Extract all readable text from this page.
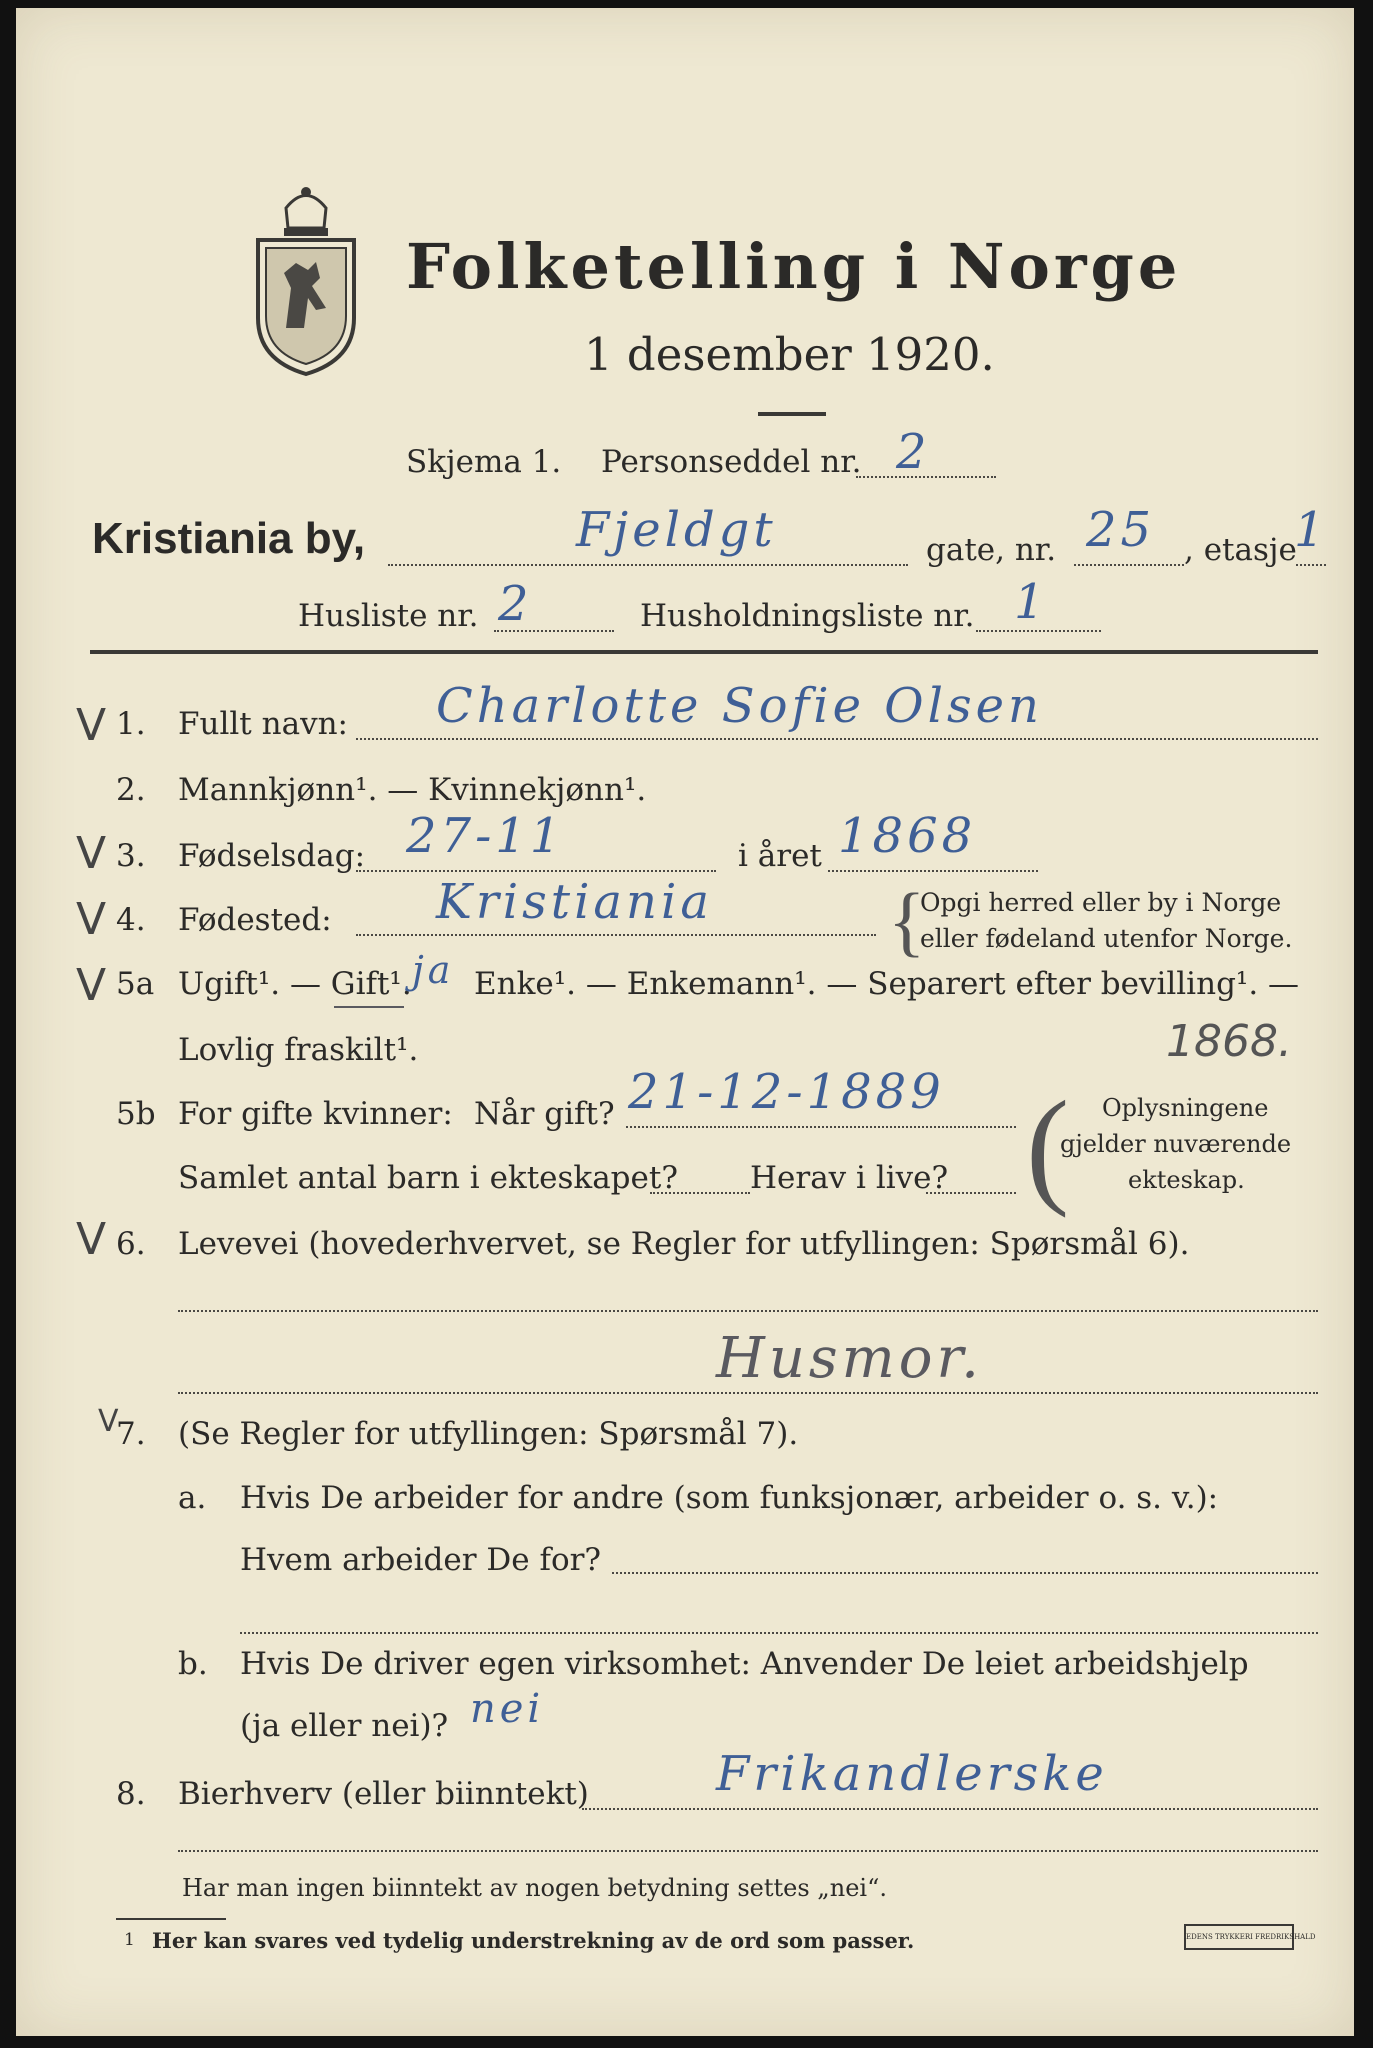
Folketelling i Norge
1 desember 1920.
Skjema 1. Personseddel nr. 2
Kristiania by,	Fjeldgt	gate, nr. 25 , etasje
1
Husliste nr. 2	Husholdningsliste nr. 1
V 1. Fullt navn: Charlotte Sofie Olsen
2. Mannkjønn¹. — Kvinnekjønn¹.
V 3. Fødselsdag: 27-11	i året 1868
V 4. Fødested: Kristiania {
Opgi herred eller by i Norge
eller fødeland utenfor Norge.
V 5a Ugift¹. — Gift¹. ja Enke¹. — Enkemann¹. — Separert efter bevilling¹. —
Lovlig fraskilt¹.	1868.
5b For gifte kvinner: Når gift? 21-12-1889
Samlet antal barn i ekteskapet? Herav i live? ( Oplysningene
gjelder nuværende
ekteskap.
V 6. Levevei (hovederhvervet, se Regler for utfyllingen: Spørsmål 6).
Husmor.
V
7. (Se Regler for utfyllingen: Spørsmål 7).
a. Hvis De arbeider for andre (som funksjonær, arbeider o. s. v.):
Hvem arbeider De for?
b. Hvis De driver egen virksomhet: Anvender De leiet arbeidshjelp
(ja eller nei)? nei
8. Bierhverv (eller biinntekt)	Frikandlerske
Har man ingen biinntekt av nogen betydning settes „nei“.
1 Her kan svares ved tydelig understrekning av de ord som passer.	EDENS TRYKKERI FREDRIKSHALD
